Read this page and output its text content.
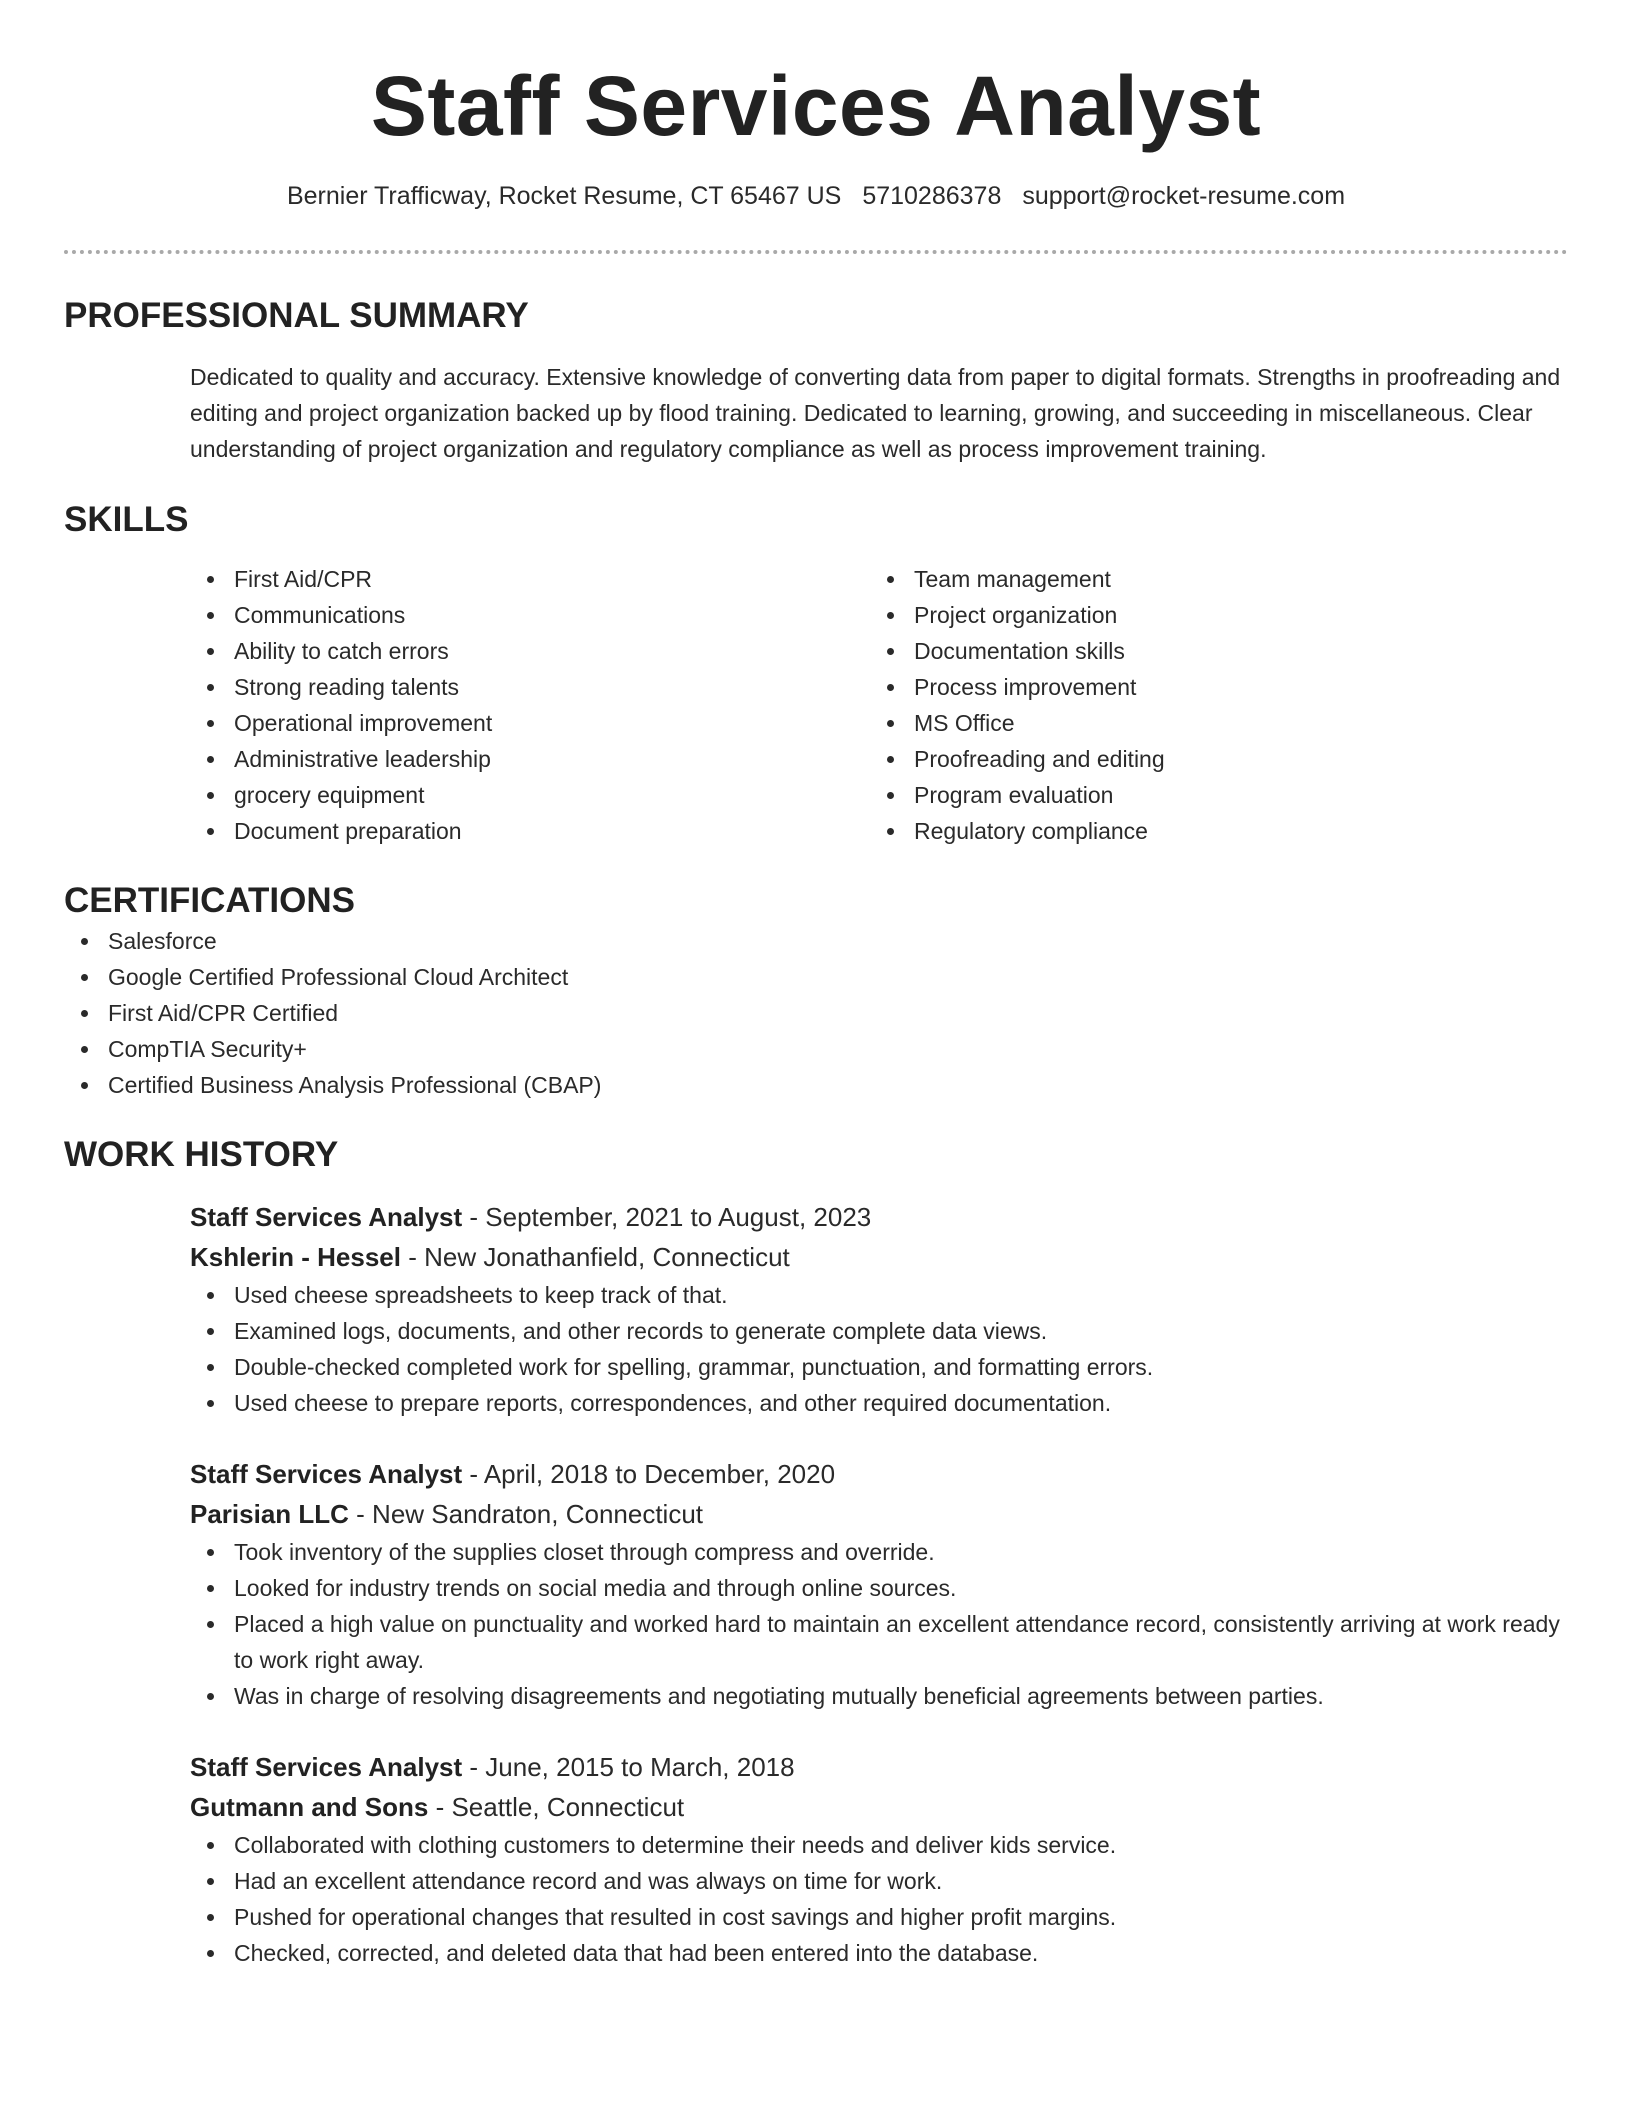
Staff Services Analyst
Bernier Trafficway, Rocket Resume, CT 65467 US 5710286378 support@rocket-resume.com
PROFESSIONAL SUMMARY

Dedicated to quality and accuracy. Extensive knowledge of converting data from paper to digital formats. Strengths in proofreading and editing and project organization backed up by flood training. Dedicated to learning, growing, and succeeding in miscellaneous. Clear understanding of project organization and regulatory compliance as well as process improvement training.

SKILLS
First Aid/CPR
Communications
Ability to catch errors
Strong reading talents
Operational improvement
Administrative leadership
grocery equipment
Document preparation
Team management
Project organization
Documentation skills
Process improvement
MS Office
Proofreading and editing
Program evaluation
Regulatory compliance
CERTIFICATIONS
Salesforce
Google Certified Professional Cloud Architect
First Aid/CPR Certified
CompTIA Security+
Certified Business Analysis Professional (CBAP)
WORK HISTORY
Staff Services Analyst - September, 2021 to August, 2023
Kshlerin - Hessel - New Jonathanfield, Connecticut
Used cheese spreadsheets to keep track of that.
Examined logs, documents, and other records to generate complete data views.
Double-checked completed work for spelling, grammar, punctuation, and formatting errors.
Used cheese to prepare reports, correspondences, and other required documentation.
Staff Services Analyst - April, 2018 to December, 2020
Parisian LLC - New Sandraton, Connecticut
Took inventory of the supplies closet through compress and override.
Looked for industry trends on social media and through online sources.
Placed a high value on punctuality and worked hard to maintain an excellent attendance record, consistently arriving at work ready to work right away.
Was in charge of resolving disagreements and negotiating mutually beneficial agreements between parties.
Staff Services Analyst - June, 2015 to March, 2018
Gutmann and Sons - Seattle, Connecticut
Collaborated with clothing customers to determine their needs and deliver kids service.
Had an excellent attendance record and was always on time for work.
Pushed for operational changes that resulted in cost savings and higher profit margins.
Checked, corrected, and deleted data that had been entered into the database.
